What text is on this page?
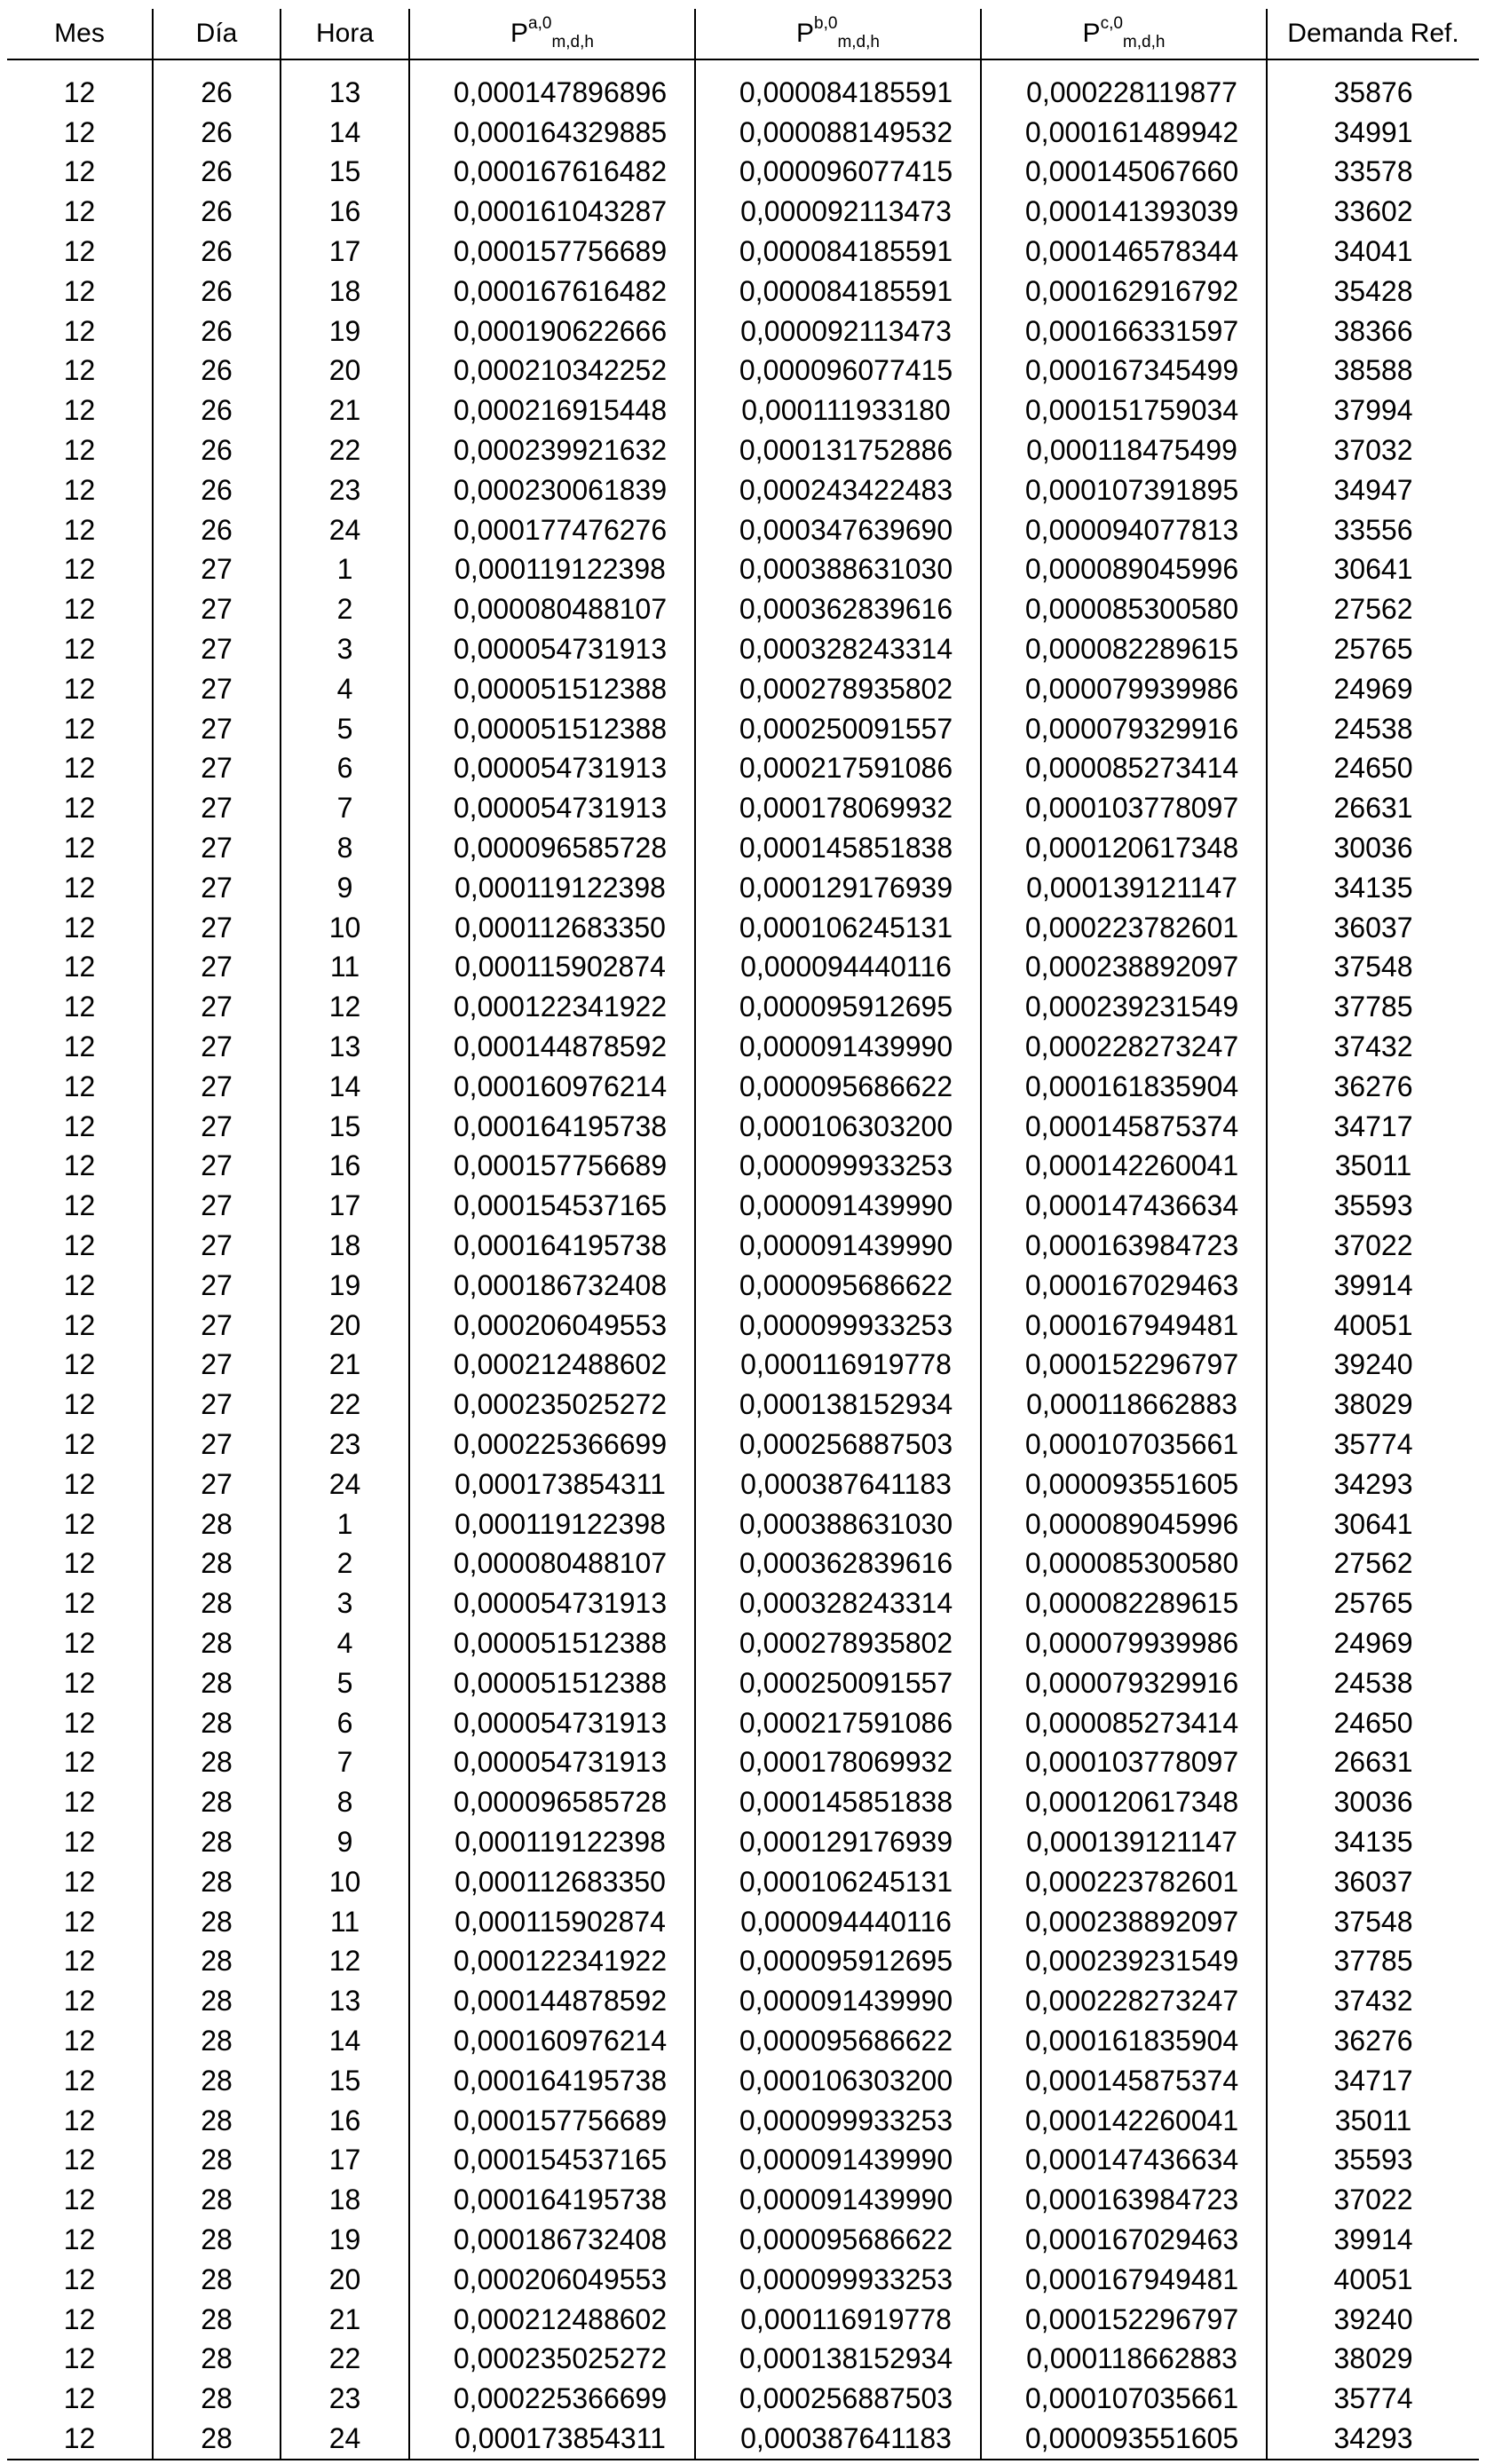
Mes	Día	Hora	P$^{a,0}_{m,d,h}$	P$^{b,0}_{m,d,h}$	P$^{c,0}_{m,d,h}$	Demanda Ref.

12	26	13	0,000147896896	0,000084185591	0,000228119877	35876
12	26	14	0,000164329885	0,000088149532	0,000161489942	34991
12	26	15	0,000167616482	0,000096077415	0,000145067660	33578
12	26	16	0,000161043287	0,000092113473	0,000141393039	33602
12	26	17	0,000157756689	0,000084185591	0,000146578344	34041
12	26	18	0,000167616482	0,000084185591	0,000162916792	35428
12	26	19	0,000190622666	0,000092113473	0,000166331597	38366
12	26	20	0,000210342252	0,000096077415	0,000167345499	38588
12	26	21	0,000216915448	0,000111933180	0,000151759034	37994
12	26	22	0,000239921632	0,000131752886	0,000118475499	37032
12	26	23	0,000230061839	0,000243422483	0,000107391895	34947
12	26	24	0,000177476276	0,000347639690	0,000094077813	33556
12	27	1	0,000119122398	0,000388631030	0,000089045996	30641
12	27	2	0,000080488107	0,000362839616	0,000085300580	27562
12	27	3	0,000054731913	0,000328243314	0,000082289615	25765
12	27	4	0,000051512388	0,000278935802	0,000079939986	24969
12	27	5	0,000051512388	0,000250091557	0,000079329916	24538
12	27	6	0,000054731913	0,000217591086	0,000085273414	24650
12	27	7	0,000054731913	0,000178069932	0,000103778097	26631
12	27	8	0,000096585728	0,000145851838	0,000120617348	30036
12	27	9	0,000119122398	0,000129176939	0,000139121147	34135
12	27	10	0,000112683350	0,000106245131	0,000223782601	36037
12	27	11	0,000115902874	0,000094440116	0,000238892097	37548
12	27	12	0,000122341922	0,000095912695	0,000239231549	37785
12	27	13	0,000144878592	0,000091439990	0,000228273247	37432
12	27	14	0,000160976214	0,000095686622	0,000161835904	36276
12	27	15	0,000164195738	0,000106303200	0,000145875374	34717
12	27	16	0,000157756689	0,000099933253	0,000142260041	35011
12	27	17	0,000154537165	0,000091439990	0,000147436634	35593
12	27	18	0,000164195738	0,000091439990	0,000163984723	37022
12	27	19	0,000186732408	0,000095686622	0,000167029463	39914
12	27	20	0,000206049553	0,000099933253	0,000167949481	40051
12	27	21	0,000212488602	0,000116919778	0,000152296797	39240
12	27	22	0,000235025272	0,000138152934	0,000118662883	38029
12	27	23	0,000225366699	0,000256887503	0,000107035661	35774
12	27	24	0,000173854311	0,000387641183	0,000093551605	34293
12	28	1	0,000119122398	0,000388631030	0,000089045996	30641
12	28	2	0,000080488107	0,000362839616	0,000085300580	27562
12	28	3	0,000054731913	0,000328243314	0,000082289615	25765
12	28	4	0,000051512388	0,000278935802	0,000079939986	24969
12	28	5	0,000051512388	0,000250091557	0,000079329916	24538
12	28	6	0,000054731913	0,000217591086	0,000085273414	24650
12	28	7	0,000054731913	0,000178069932	0,000103778097	26631
12	28	8	0,000096585728	0,000145851838	0,000120617348	30036
12	28	9	0,000119122398	0,000129176939	0,000139121147	34135
12	28	10	0,000112683350	0,000106245131	0,000223782601	36037
12	28	11	0,000115902874	0,000094440116	0,000238892097	37548
12	28	12	0,000122341922	0,000095912695	0,000239231549	37785
12	28	13	0,000144878592	0,000091439990	0,000228273247	37432
12	28	14	0,000160976214	0,000095686622	0,000161835904	36276
12	28	15	0,000164195738	0,000106303200	0,000145875374	34717
12	28	16	0,000157756689	0,000099933253	0,000142260041	35011
12	28	17	0,000154537165	0,000091439990	0,000147436634	35593
12	28	18	0,000164195738	0,000091439990	0,000163984723	37022
12	28	19	0,000186732408	0,000095686622	0,000167029463	39914
12	28	20	0,000206049553	0,000099933253	0,000167949481	40051
12	28	21	0,000212488602	0,000116919778	0,000152296797	39240
12	28	22	0,000235025272	0,000138152934	0,000118662883	38029
12	28	23	0,000225366699	0,000256887503	0,000107035661	35774
12	28	24	0,000173854311	0,000387641183	0,000093551605	34293
